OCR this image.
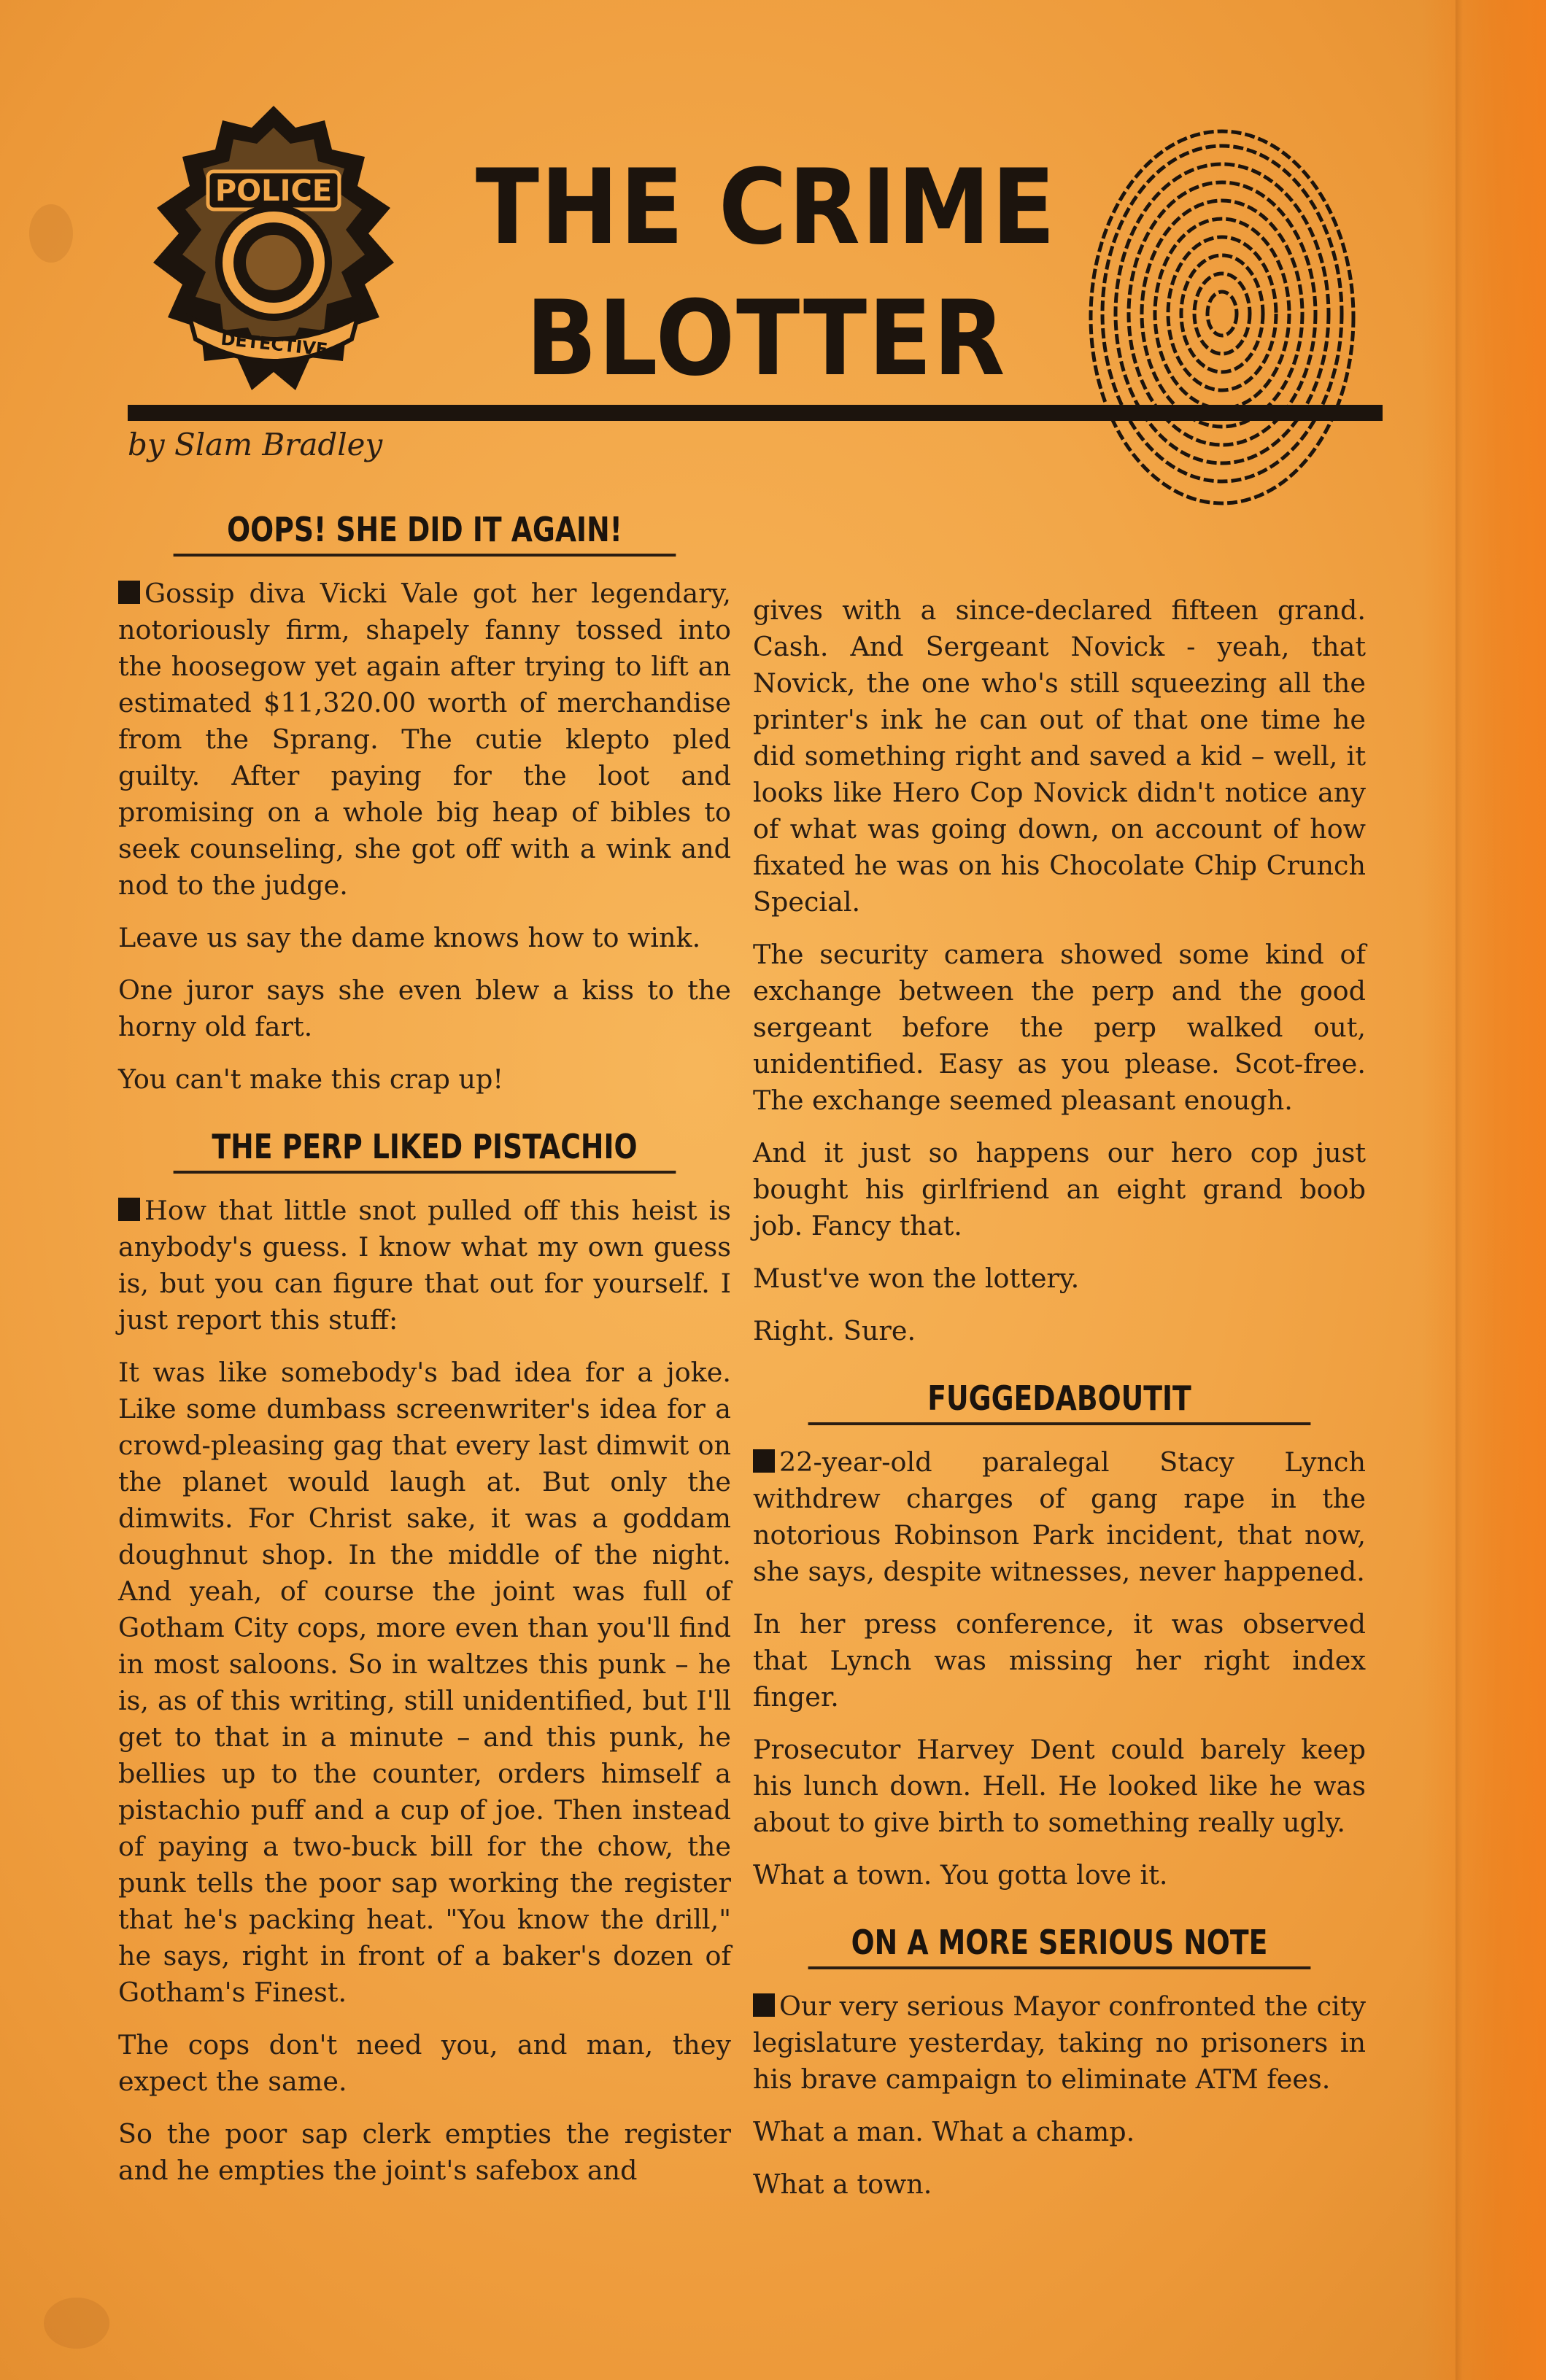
POLICE
DETECTIVE
THE CRIME
BLOTTER
by Slam Bradley
OOPS! SHE DID IT AGAIN!

Gossip diva Vicki Vale got her legendary, notoriously firm, shapely fanny tossed into the hoosegow yet again after trying to lift an estimated $11,320.00 worth of merchandise from the Sprang. The cutie klepto pled guilty. After paying for the loot and promising on a whole big heap of bibles to seek counseling, she got off with a wink and nod to the judge.

Leave us say the dame knows how to wink.

One juror says she even blew a kiss to the horny old fart.

You can't make this crap up!

THE PERP LIKED PISTACHIO

How that little snot pulled off this heist is anybody's guess. I know what my own guess is, but you can figure that out for yourself. I just report this stuff:

It was like somebody's bad idea for a joke. Like some dumbass screenwriter's idea for a crowd-pleasing gag that every last dimwit on the planet would laugh at. But only the dimwits. For Christ sake, it was a goddam doughnut shop. In the middle of the night. And yeah, of course the joint was full of Gotham City cops, more even than you'll find in most saloons. So in waltzes this punk – he is, as of this writing, still unidentified, but I'll get to that in a minute – and this punk, he bellies up to the counter, orders himself a pistachio puff and a cup of joe. Then instead of paying a two-buck bill for the chow, the punk tells the poor sap working the register that he's packing heat. "You know the drill," he says, right in front of a baker's dozen of Gotham's Finest.

The cops don't need you, and man, they expect the same.

So the poor sap clerk empties the register and he empties the joint's safebox and

gives with a since-declared fifteen grand. Cash. And Sergeant Novick - yeah, that Novick, the one who's still squeezing all the printer's ink he can out of that one time he did something right and saved a kid – well, it looks like Hero Cop Novick didn't notice any of what was going down, on account of how fixated he was on his Chocolate Chip Crunch Special.

The security camera showed some kind of exchange between the perp and the good sergeant before the perp walked out, unidentified. Easy as you please. Scot-free. The exchange seemed pleasant enough.

And it just so happens our hero cop just bought his girlfriend an eight grand boob job. Fancy that.

Must've won the lottery.

Right. Sure.

FUGGEDABOUTIT

22-year-old paralegal Stacy Lynch withdrew charges of gang rape in the notorious Robinson Park incident, that now, she says, despite witnesses, never happened.

In her press conference, it was observed that Lynch was missing her right index finger.

Prosecutor Harvey Dent could barely keep his lunch down. Hell. He looked like he was about to give birth to something really ugly.

What a town. You gotta love it.

ON A MORE SERIOUS NOTE

Our very serious Mayor confronted the city legislature yesterday, taking no prisoners in his brave campaign to eliminate ATM fees.

What a man. What a champ.

What a town.
